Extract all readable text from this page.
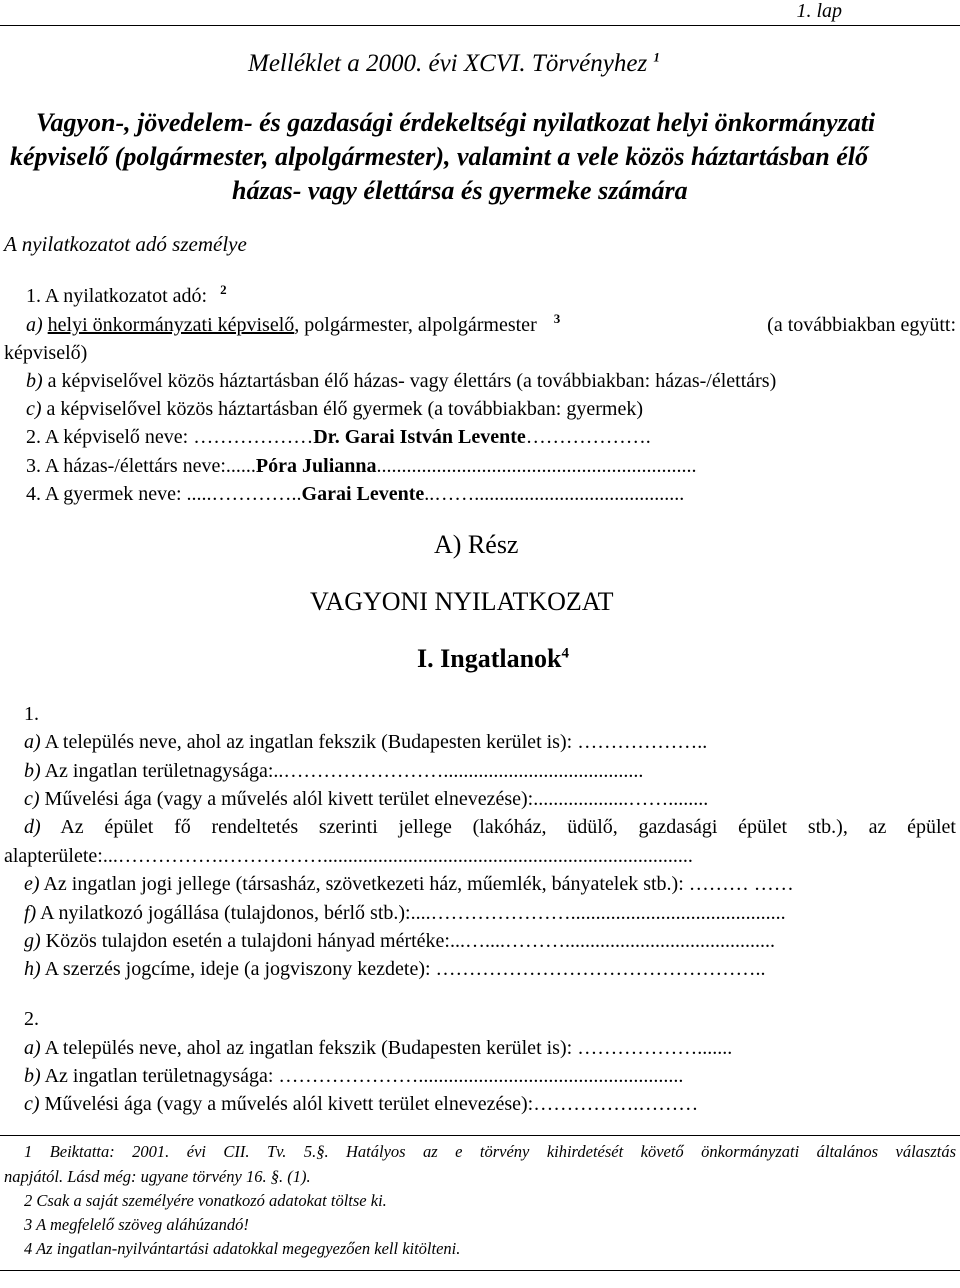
1. lap
Melléklet a 2000. évi XCVI. Törvényhez $^1$
Vagyon-, jövedelem- és gazdasági érdekeltségi nyilatkozat helyi önkormányzati
képviselő (polgármester, alpolgármester), valamint a vele közös háztartásban élő
házas- vagy élettársa és gyermeke számára
A nyilatkozatot adó személye
1. A nyilatkozatot adó: $^2$
a) helyi önkormányzati képviselő, polgármester, alpolgármester $^3$	(a továbbiakban együtt:
képviselő)
b) a képviselővel közös háztartásban élő házas- vagy élettárs (a továbbiakban: házas-/élettárs)
c) a képviselővel közös háztartásban élő gyermek (a továbbiakban: gyermek)
2. A képviselő neve: ………………Dr. Garai István Levente……………….
3. A házas-/élettárs neve:......Póra Julianna................................................................
4. A gyermek neve: .....…………..Garai Levente..……..........................................
A) Rész
VAGYONI NYILATKOZAT
I. Ingatlanok$^4$
1.
a) A település neve, ahol az ingatlan fekszik (Budapesten kerület is): ………………..
b) Az ingatlan területnagysága:..……………………........................................
c) Művelési ága (vagy a művelés alól kivett terület elnevezése):...................……........
d) Az épület fő rendeltetés szerinti jellege (lakóház, üdülő, gazdasági épület stb.), az épület
alapterülete:...…………….……………..........................................................................
e) Az ingatlan jogi jellege (társasház, szövetkezeti ház, műemlék, bányatelek stb.): ……… ……
f) A nyilatkozó jogállása (tulajdonos, bérlő stb.):....…………………...........................................
g) Közös tulajdon esetén a tulajdoni hányad mértéke:...…....………..........................................
h) A szerzés jogcíme, ideje (a jogviszony kezdete): …………………………………………..
2.
a) A település neve, ahol az ingatlan fekszik (Budapesten kerület is): ……………….......
b) Az ingatlan területnagysága: ………………….....................................................
c) Művelési ága (vagy a művelés alól kivett terület elnevezése):…………….………
1 Beiktatta: 2001. évi CII. Tv. 5.§. Hatályos az e törvény kihirdetését követő önkormányzati általános választás
napjától. Lásd még: ugyane törvény 16. §. (1).
2 Csak a saját személyére vonatkozó adatokat töltse ki.
3 A megfelelő szöveg aláhúzandó!
4 Az ingatlan-nyilvántartási adatokkal megegyezően kell kitölteni.
